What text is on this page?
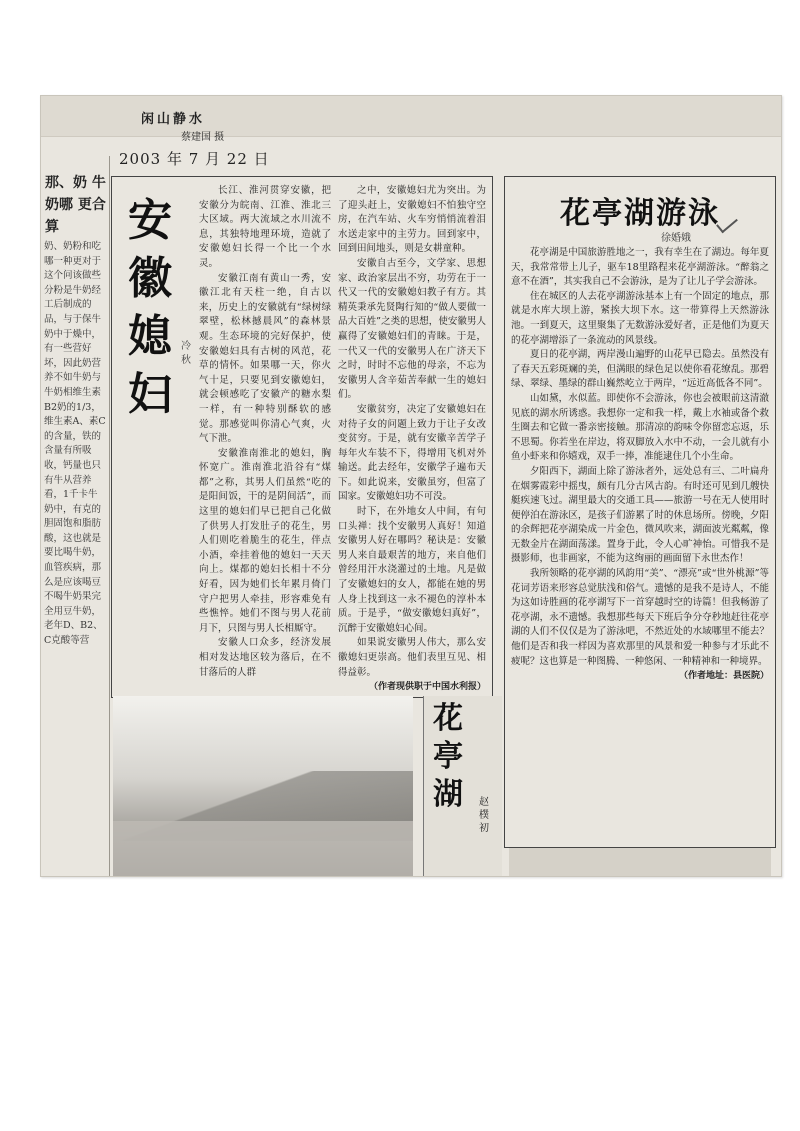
2003 年 7 月 22 日
那、奶 牛奶哪 更合算
奶、奶粉和吃哪一种更对于这个问该做些分粉是牛奶经工后制成的品，与于保牛奶中于燥中，有一些营好坏，因此奶营养不如牛奶与牛奶相维生素B2奶的1/3，维生素A、素C的含量，铁的含量有所吸收，钙量也只有牛从营养看，1千卡牛奶中，有克的胆固饱和脂肪酸，这也就是要比喝牛奶，血管疾病，那么是应该喝豆不喝牛奶果完全用豆牛奶，老年D、B2、C克酸等营
安徽媳妇
冷秋

长江、淮河贯穿安徽，把安徽分为皖南、江淮、淮北三大区域。两大流域之水川流不息，其独特地理环境，造就了安徽媳妇长得一个比一个水灵。

安徽江南有黄山一秀，安徽江北有天柱一绝，自古以来，历史上的安徽就有“绿树绿翠壁，松林撼晨风”的森林景观。生态环境的完好保护，使安徽媳妇具有古树的风范，花草的情怀。如果哪一天，你火气十足，只要见到安徽媳妇，就会顿感吃了安徽产的糖水梨一样，有一种特别酥软的感觉。那感觉叫你清心气爽，火气下泄。

安徽淮南淮北的媳妇，胸怀宽广。淮南淮北沿谷有“煤都”之称，其男人们虽然“吃的是阳间饭，干的是阴间活”，而这里的媳妇们早已把自己化做了供男人打发肚子的花生，男人们则吃着脆生的花生，伴点小酒，牵挂着他的媳妇一天天向上。煤都的媳妇长相十不分好看，因为她们长年累月倚门守户把男人牵挂，形容难免有些憔悴。她们不图与男人花前月下，只图与男人长相厮守。

安徽人口众多，经济发展相对发达地区较为落后，在不甘落后的人群

之中，安徽媳妇尤为突出。为了迎头赶上，安徽媳妇不怕独守空房，在汽车站、火车穷悄悄流着泪水送走家中的主劳力。回到家中，回到田间地头，则是女耕童种。

安徽自古至今，文学家、思想家、政治家层出不穷，功劳在于一代又一代的安徽媳妇教子有方。其精英秉承先贤陶行知的“做人要做一品大百姓”之类的思想，使安徽男人赢得了安徽媳妇们的青睐。于是，一代又一代的安徽男人在广济天下之时，时时不忘他的母亲，不忘为安徽男人含辛茹苦奉献一生的媳妇们。

安徽贫穷，决定了安徽媳妇在对待子女的问题上致力于让子女改变贫穷。于是，就有安徽辛苦学子每年火车装不下，得增用飞机对外输送。此去经年，安徽学子遍布天下。如此说来，安徽虽穷，但富了国家。安徽媳妇功不可没。

时下，在外地女人中间，有句口头禅：找个安徽男人真好！知道安徽男人好在哪吗？秘诀是：安徽男人来自最艰苦的地方，来自他们曾经用汗水浇灌过的土地。凡是做了安徽媳妇的女人，都能在她的男人身上找到这一永不褪色的淳朴本质。于是乎，“做安徽媳妇真好”，沉醉于安徽媳妇心间。

如果说安徽男人伟大，那么安徽媳妇更崇高。他们表里互见、相得益彰。

（作者现供职于中国水利报）
闲山静水
蔡建国 摄
花亭湖	赵樸初
花亭湖游泳
徐婚娥

花亭湖是中国旅游胜地之一，我有幸生在了湖边。每年夏天，我常常带上儿子，驱车18里路程来花亭湖游泳。“醉翁之意不在酒”，其实我自己不会游泳，是为了让儿子学会游泳。

住在城区的人去花亭湖游泳基本上有一个固定的地点，那就是水库大坝上游，紧挨大坝下水。这一带算得上天然游泳池。一到夏天，这里聚集了无数游泳爱好者，正是他们为夏天的花亭湖增添了一条流动的风景线。

夏日的花亭湖，两岸漫山遍野的山花早已隐去。虽然没有了春天五彩斑斓的美，但满眼的绿色足以使你看花缭乱。那碧绿、翠绿、墨绿的群山巍然屹立于两岸，“远近高低各不同”。

山如黛，水似蓝。即使你不会游泳，你也会被眼前这清澈见底的湖水所诱惑。我想你一定和我一样，戴上水袖或备个救生圈去和它做一番亲密接触。那清凉的韵味令你留恋忘返，乐不思蜀。你若坐在岸边，将双脚放入水中不动，一会儿就有小鱼小虾来和你嬉戏，双手一捧，准能逮住几个小生命。

夕阳西下，湖面上除了游泳者外，远处总有三、二叶扁舟在烟雾霞彩中摇曳，颇有几分古风古韵。有时还可见到几艘快艇疾速飞过。湖里最大的交通工具——旅游一号在无人使用时便停泊在游泳区，是孩子们游累了时的休息场所。傍晚，夕阳的余辉把花亭湖染成一片金色，微风吹来，湖面波光粼粼，像无数金片在湖面荡漾。置身于此，令人心旷神怡。可惜我不是摄影师，也非画家，不能为这绚丽的画面留下永世杰作！

我所领略的花亭湖的风韵用“美”、“漂亮”或“世外桃源”等花词芳语来形容总觉肤浅和俗气。遗憾的是我不是诗人，不能为这如诗胜画的花亭湖写下一首穿越时空的诗篇！但我畅游了花亭湖，永不遗憾。我想那些每天下班后争分夺秒地赶往花亭湖的人们不仅仅是为了游泳吧，不然近处的水域哪里不能去？他们是否和我一样因为喜欢那里的风景和爱一种参与才乐此不疲呢？这也算是一种图腾、一种悠闲、一种精神和一种境界。

（作者地址：县医院）
